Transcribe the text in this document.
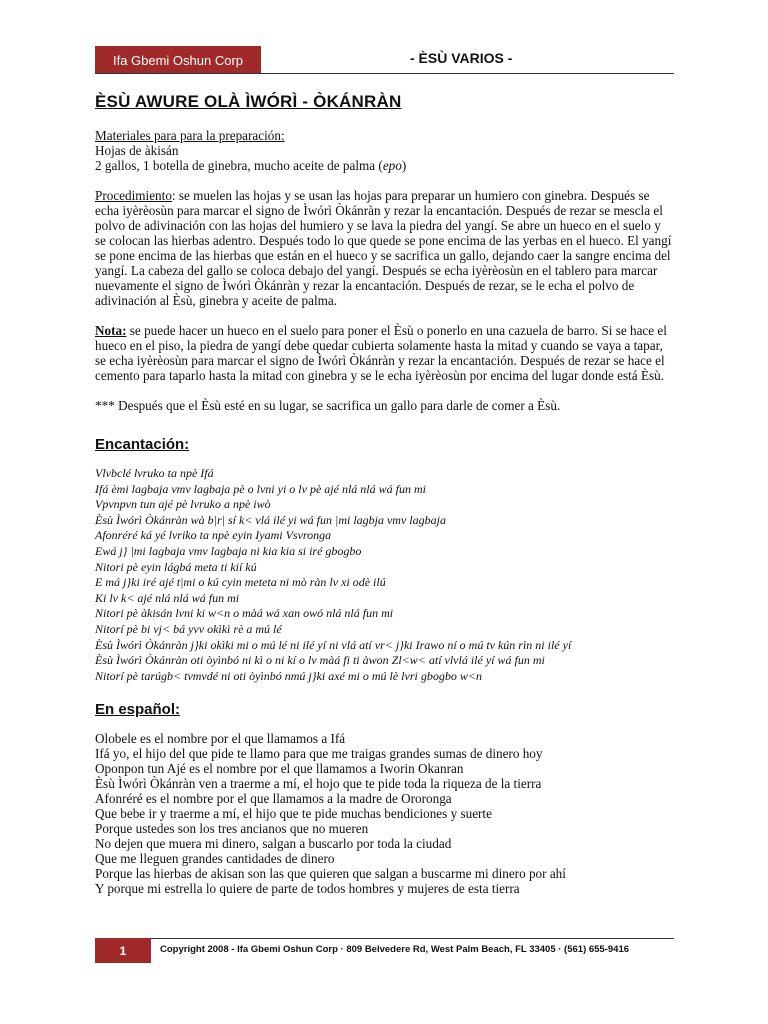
Ifa Gbemi Oshun Corp	- ÈSÙ VARIOS -
ÈSÙ AWURE OLÀ ÌWÓRÌ - ÒKÁNRÀN

Materiales para para la preparación:

Hojas de àkisán

2 gallos, 1 botella de ginebra, mucho aceite de palma (epo)

Procedimiento: se muelen las hojas y se usan las hojas para preparar un humiero con ginebra. Después se echa iyèrèosùn para marcar el signo de Ìwórì Òkánràn y rezar la encantación. Después de rezar se mescla el polvo de adivinación con las hojas del humiero y se lava la piedra del yangí. Se abre un hueco en el suelo y se colocan las hierbas adentro. Después todo lo que quede se pone encima de las yerbas en el hueco. El yangí se pone encima de las hierbas que están en el hueco y se sacrifica un gallo, dejando caer la sangre encima del yangí. La cabeza del gallo se coloca debajo del yangí. Después se echa iyèrèosùn en el tablero para marcar nuevamente el signo de Ìwórì Òkánràn y rezar la encantación. Después de rezar, se le echa el polvo de adivinación al Èsù, ginebra y aceite de palma.

Nota: se puede hacer un hueco en el suelo para poner el Èsù o ponerlo en una cazuela de barro. Si se hace el hueco en el piso, la piedra de yangí debe quedar cubierta solamente hasta la mitad y cuando se vaya a tapar, se echa iyèrèosùn para marcar el signo de Ìwórì Òkánràn y rezar la encantación. Después de rezar se hace el cemento para taparlo hasta la mitad con ginebra y se le echa iyèrèosùn por encima del lugar donde está Èsù.

*** Después que el Èsù esté en su lugar, se sacrifica un gallo para darle de comer a Èsù.

Encantación:

Vlvbclé lvruko ta npè Ifá

Ifá èmi lagbaja vmv lagbaja pè o lvni yi o lv pè ajé nlá nlá wá fun mi

Vpvnpvn tun ajé pè lvruko a npè iwò

Èsù Ìwórì Òkánràn wà b|r| sí k< vlá ilé yi wá fun |mi lagbja vmv lagbaja

Afonréré ká yé lvriko ta npè eyin Iyami Vsvronga

Ewá j} |mi lagbaja vmv lagbaja ni kia kia si iré gbogbo

Nitori pè eyin lágbá meta ti kií kú

E má j}ki iré ajé t|mi o kú cyin meteta ni mò ràn lv xi odè ilú

Ki lv k< ajé nlá nlá wá fun mi

Nitori pè àkisán lvni ki w<n o màá wá xan owó nlá nlá fun mi

Nitorí pè bi vj< bá yvv okìkì rè a mú lé

Èsù Ìwórì Òkánràn j}ki okìki mi o mú lé ni ilé yí ni vlá atí vr< j}ki Irawo ní o mú tv kún rìn ni ilé yí

Èsù Ìwórì Òkánràn oti òyìnbó ni kì o ni kí o lv màá fi ti àwon Zl<w< atí vlvlá ilé yí wá fun mi

Nitorí pè tarúgb< tvmvdé ni oti òyìnbó nmú j}ki axé mi o mú lè lvri gbogbo w<n

En español:

Olobele es el nombre por el que llamamos a Ifá

Ifá yo, el hijo del que pide te llamo para que me traigas grandes sumas de dinero hoy

Oponpon tun Ajé es el nombre por el que llamamos a Iworin Okanran

Èsù Ìwórì Òkánràn ven a traerme a mí, el hojo que te pide toda la riqueza de la tierra

Afonréré es el nombre por el que llamamos a la madre de Ororonga

Que bebe ir y traerme a mí, el hijo que te pide muchas bendiciones y suerte

Porque ustedes son los tres ancianos que no mueren

No dejen que muera mi dinero, salgan a buscarlo por toda la ciudad

Que me lleguen grandes cantidades de dinero

Porque las hierbas de akisan son las que quieren que salgan a buscarme mi dinero por ahí

Y porque mi estrella lo quiere de parte de todos hombres y mujeres de esta tierra

1	Copyright 2008 - Ifa Gbemi Oshun Corp · 809 Belvedere Rd, West Palm Beach, FL 33405 · (561) 655-9416
